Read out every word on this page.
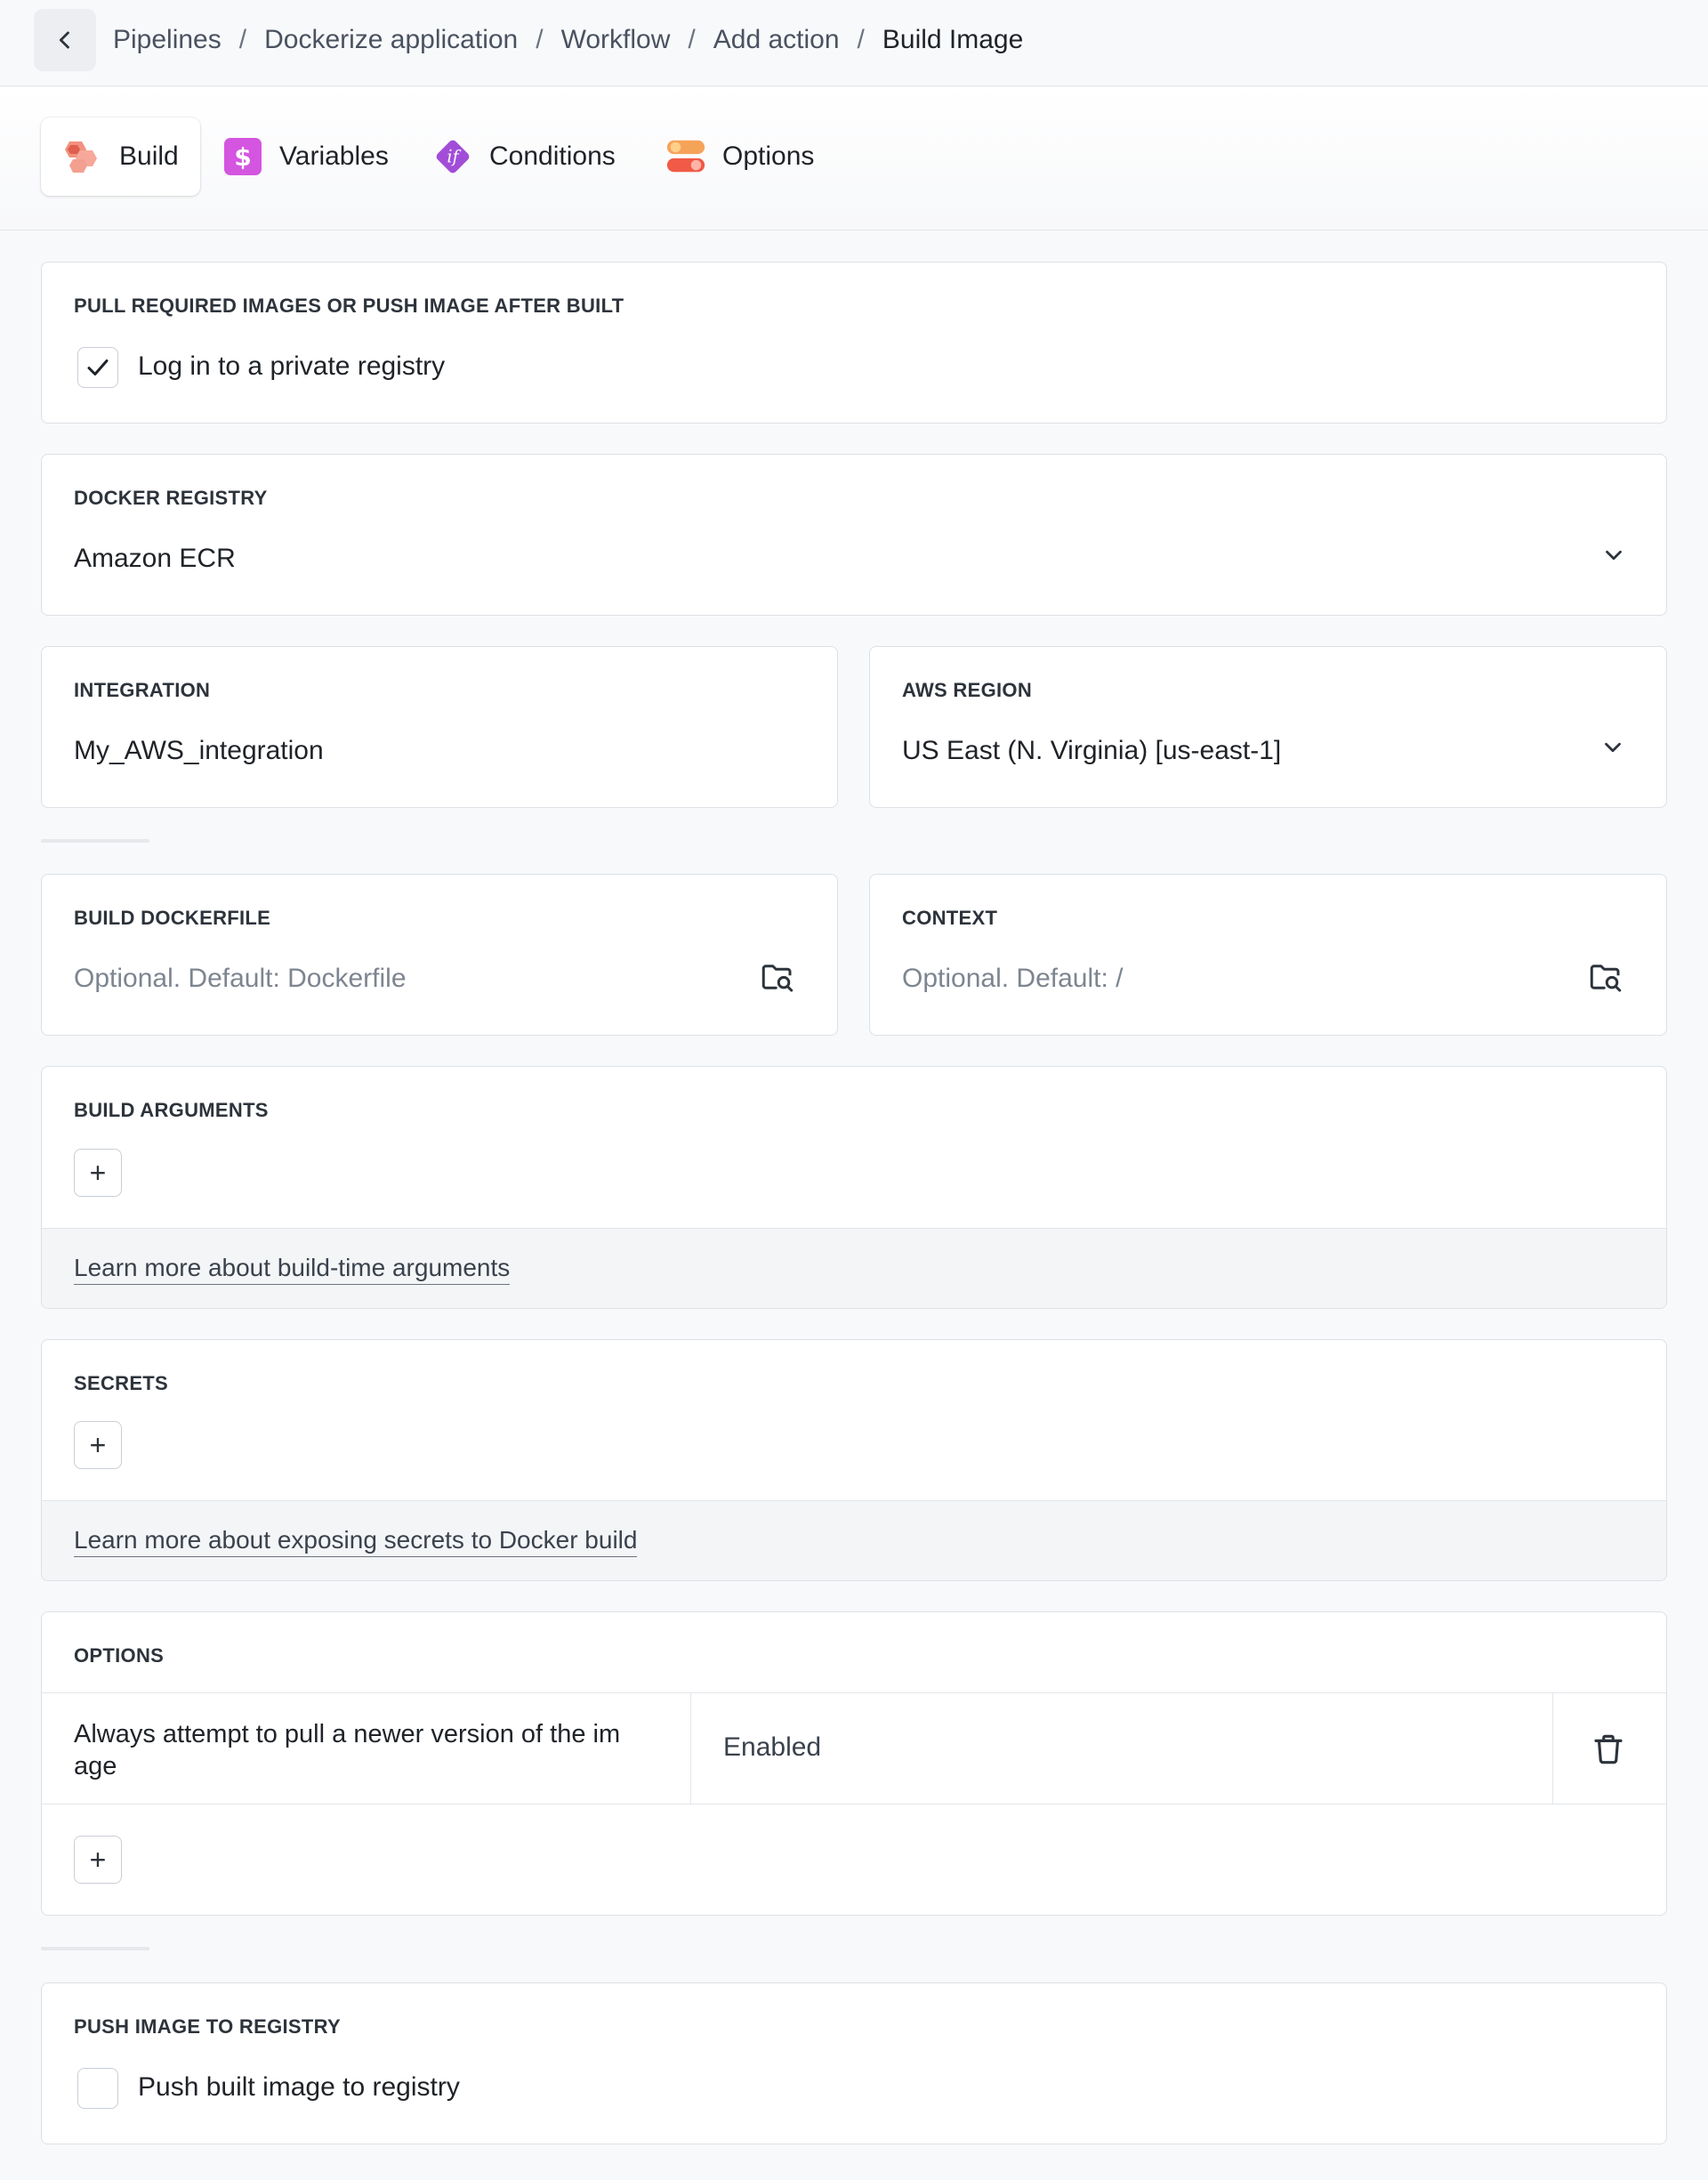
Pipelines / Dockerize application / Workflow / Add action / Build Image
Build $ Variables	if Conditions	Options
PULL REQUIRED IMAGES OR PUSH IMAGE AFTER BUILT
Log in to a private registry
DOCKER REGISTRY
Amazon ECR
INTEGRATION
My_AWS_integration
AWS REGION
US East (N. Virginia) [us-east-1]
BUILD DOCKERFILE
Optional. Default: Dockerfile
CONTEXT
Optional. Default: /
BUILD ARGUMENTS
+
Learn more about build-time arguments
SECRETS
+
Learn more about exposing secrets to Docker build
OPTIONS
Always attempt to pull a newer version of the im
age
Enabled
+
PUSH IMAGE TO REGISTRY
Push built image to registry
